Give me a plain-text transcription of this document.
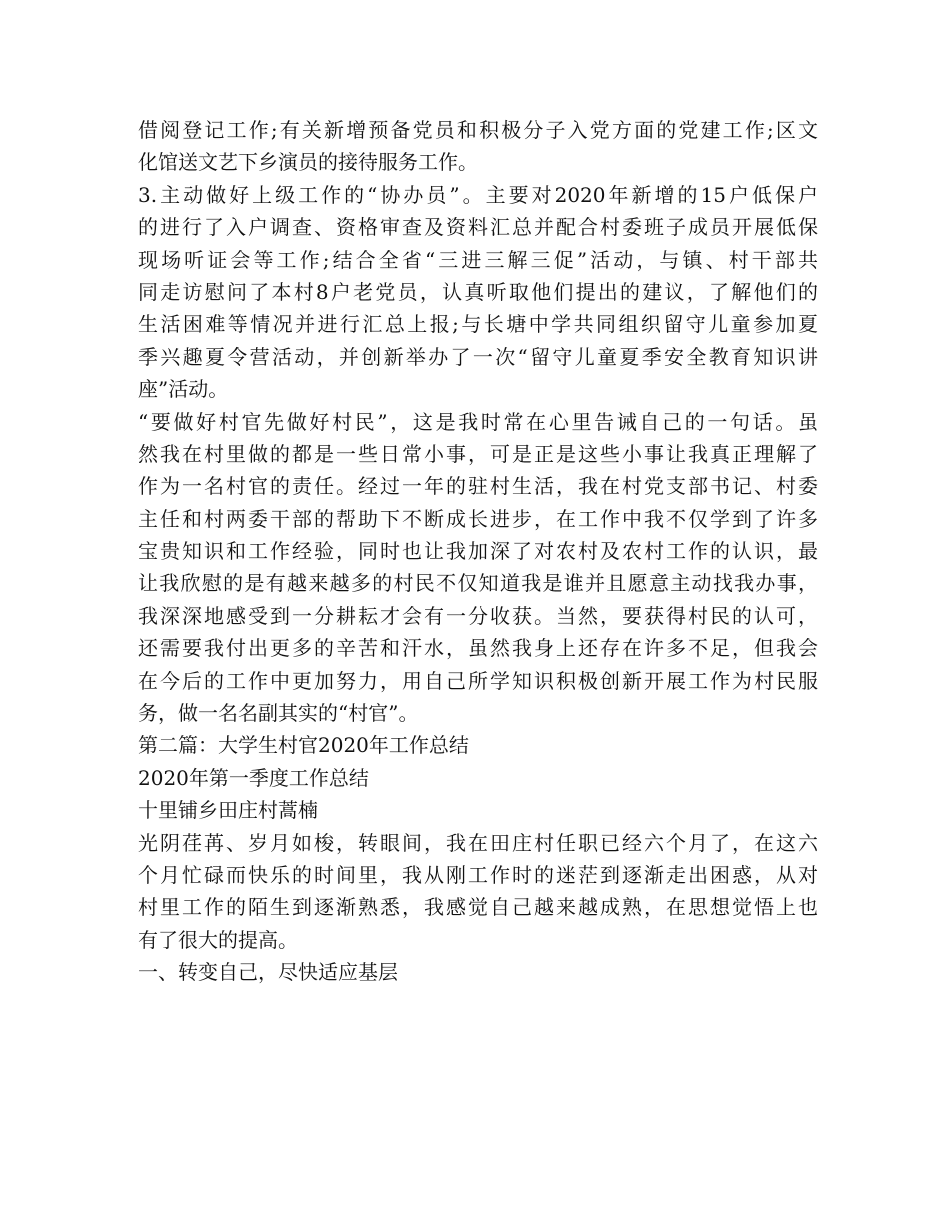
借阅登记工作;有关新增预备党员和积极分子入党方面的党建工作;区文
化馆送文艺下乡演员的接待服务工作。
3.主动做好上级工作的“协办员”。主要对2020年新增的15户低保户
的进行了入户调查、资格审查及资料汇总并配合村委班子成员开展低保
现场听证会等工作;结合全省“三进三解三促”活动，与镇、村干部共
同走访慰问了本村8户老党员，认真听取他们提出的建议，了解他们的
生活困难等情况并进行汇总上报;与长塘中学共同组织留守儿童参加夏
季兴趣夏令营活动，并创新举办了一次“留守儿童夏季安全教育知识讲
座”活动。
“要做好村官先做好村民”，这是我时常在心里告诫自己的一句话。虽
然我在村里做的都是一些日常小事，可是正是这些小事让我真正理解了
作为一名村官的责任。经过一年的驻村生活，我在村党支部书记、村委
主任和村两委干部的帮助下不断成长进步，在工作中我不仅学到了许多
宝贵知识和工作经验，同时也让我加深了对农村及农村工作的认识，最
让我欣慰的是有越来越多的村民不仅知道我是谁并且愿意主动找我办事，
我深深地感受到一分耕耘才会有一分收获。当然，要获得村民的认可，
还需要我付出更多的辛苦和汗水，虽然我身上还存在许多不足，但我会
在今后的工作中更加努力，用自己所学知识积极创新开展工作为村民服
务，做一名名副其实的“村官”。
第二篇：大学生村官2020年工作总结
2020年第一季度工作总结
十里铺乡田庄村蒿楠
光阴荏苒、岁月如梭，转眼间，我在田庄村任职已经六个月了，在这六
个月忙碌而快乐的时间里，我从刚工作时的迷茫到逐渐走出困惑，从对
村里工作的陌生到逐渐熟悉，我感觉自己越来越成熟，在思想觉悟上也
有了很大的提高。
一、转变自己，尽快适应基层
